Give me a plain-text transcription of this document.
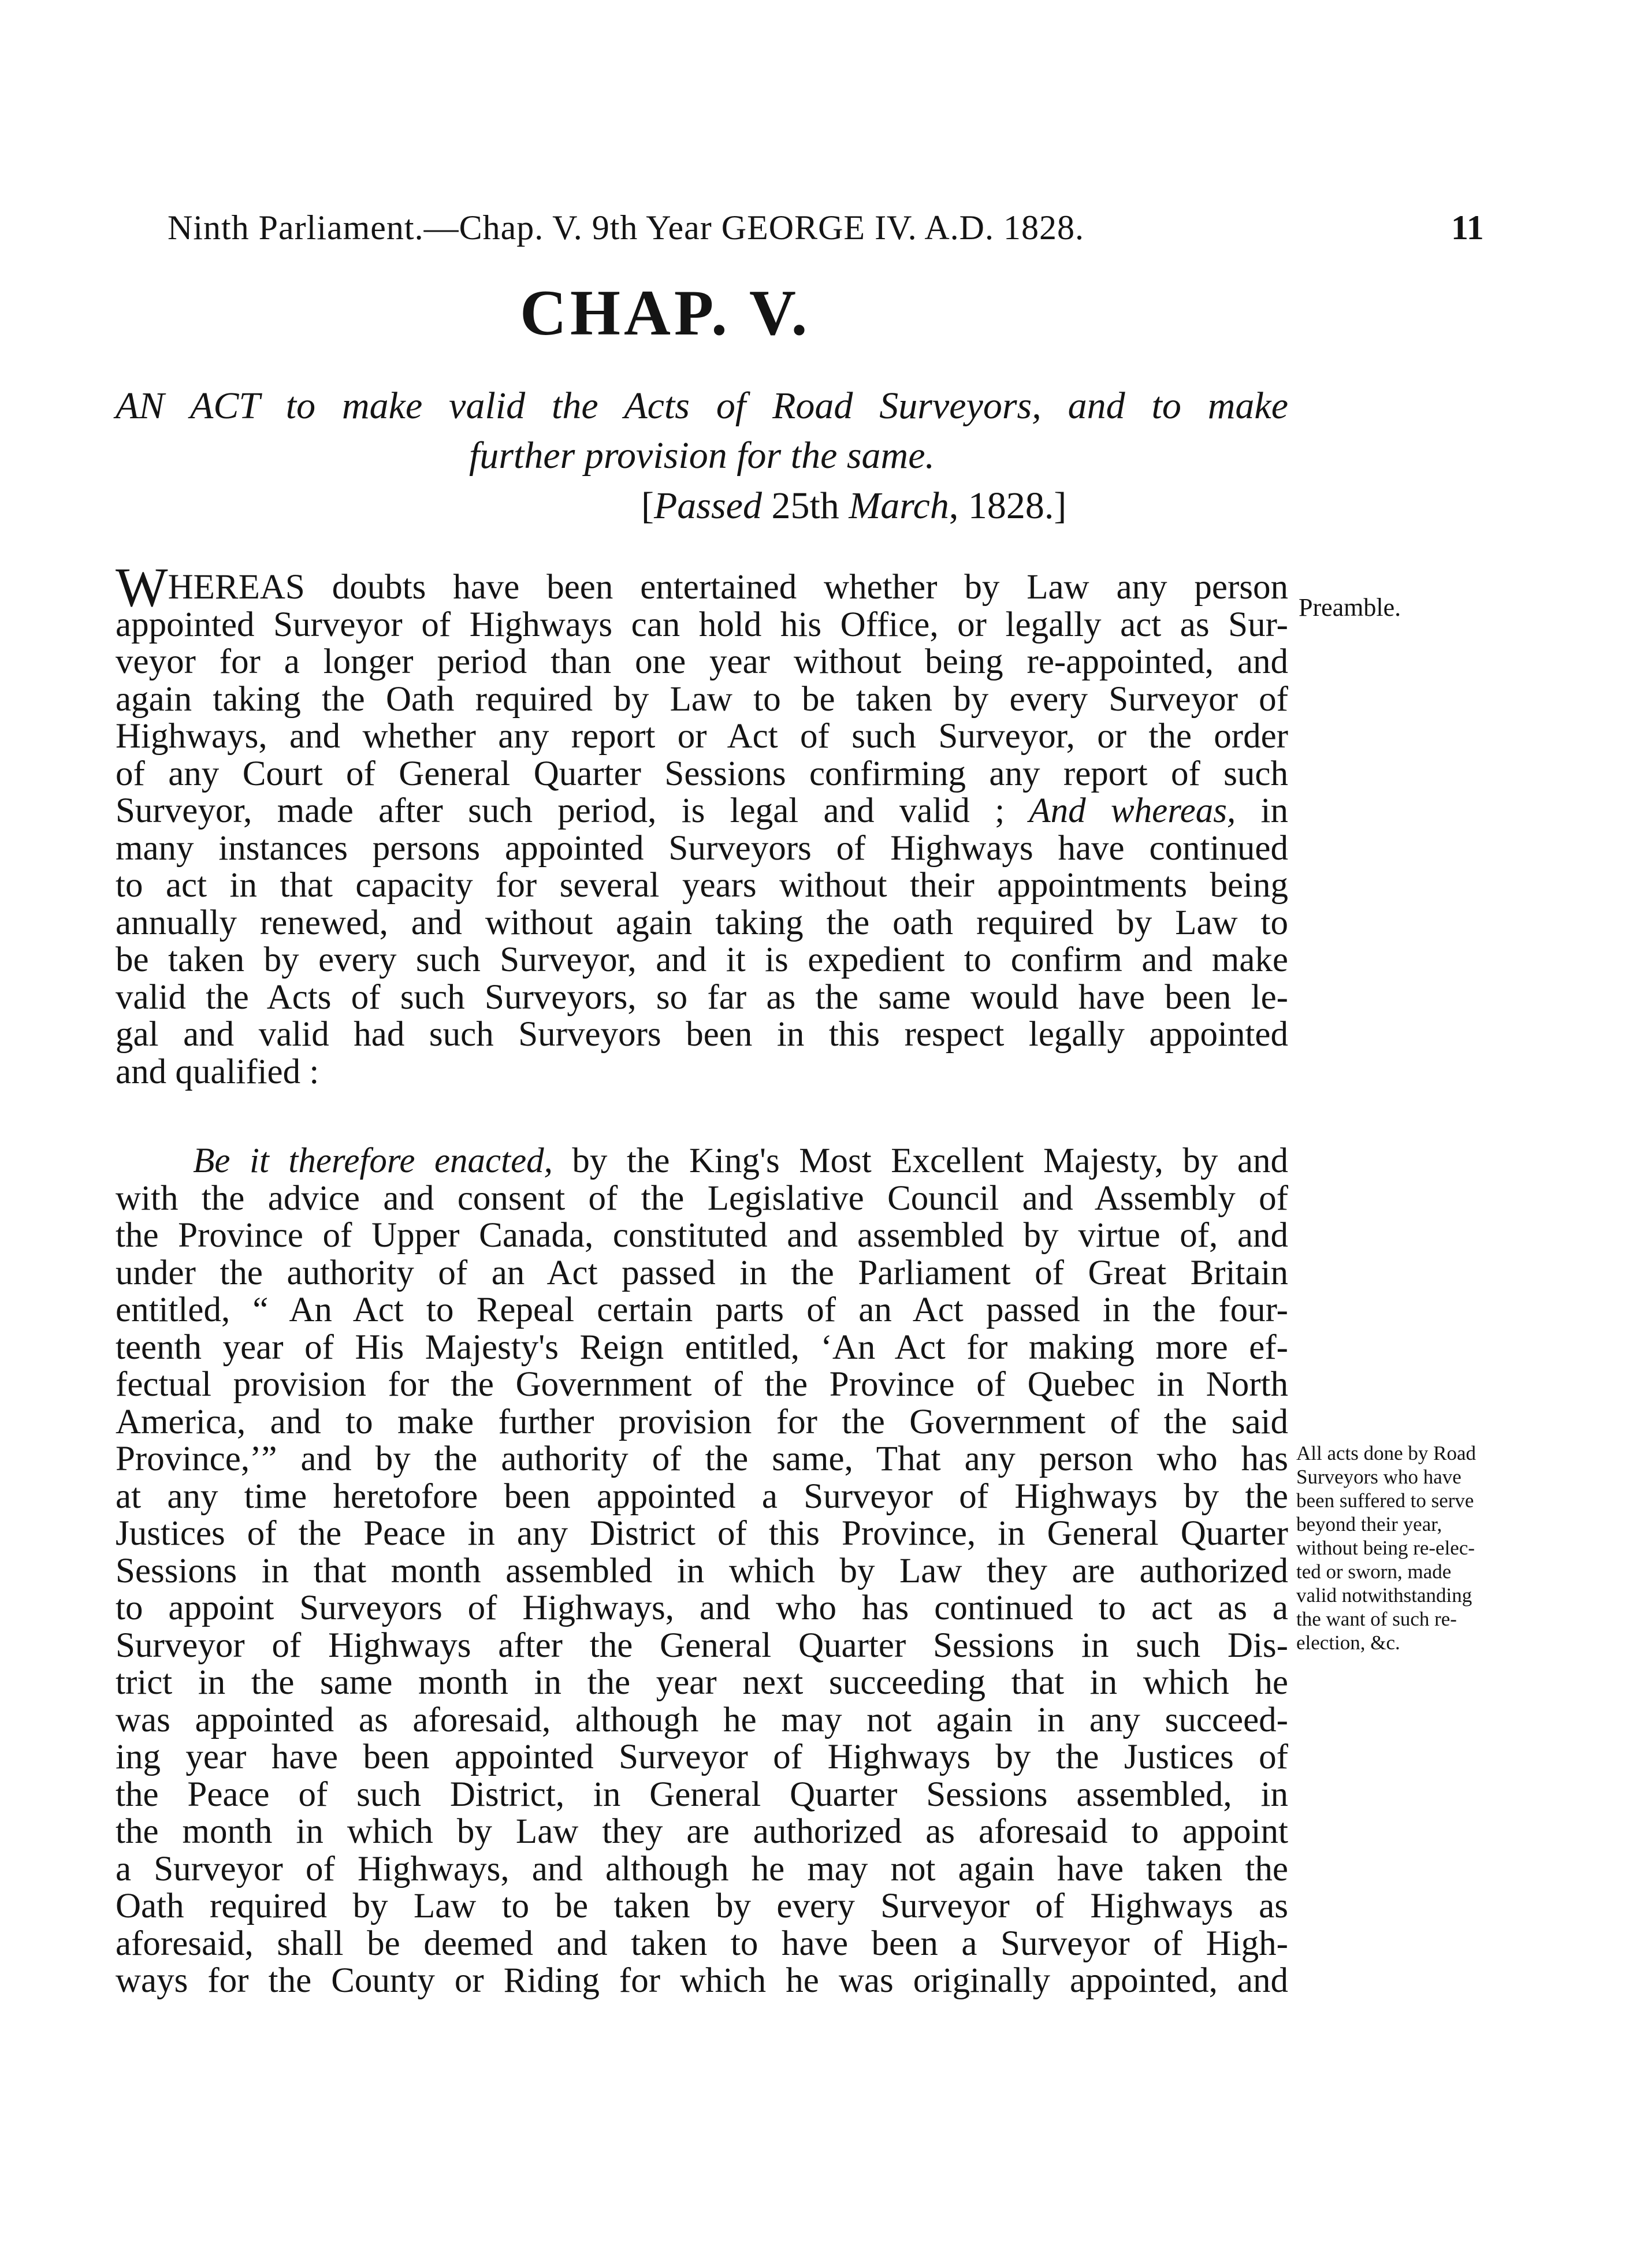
Ninth Parliament.—Chap. V. 9th Year GEORGE IV. A.D. 1828.	11
CHAP. V.
AN ACT to make valid the Acts of Road Surveyors, and to make
further provision for the same.
[Passed 25th March, 1828.]
WHEREAS doubts have been entertained whether by Law any person
appointed Surveyor of Highways can hold his Office, or legally act as Sur-
veyor for a longer period than one year without being re-appointed, and
again taking the Oath required by Law to be taken by every Surveyor of
Highways, and whether any report or Act of such Surveyor, or the order
of any Court of General Quarter Sessions confirming any report of such
Surveyor, made after such period, is legal and valid ; And whereas, in
many instances persons appointed Surveyors of Highways have continued
to act in that capacity for several years without their appointments being
annually renewed, and without again taking the oath required by Law to
be taken by every such Surveyor, and it is expedient to confirm and make
valid the Acts of such Surveyors, so far as the same would have been le-
gal and valid had such Surveyors been in this respect legally appointed
and qualified :
Be it therefore enacted, by the King's Most Excellent Majesty, by and
with the advice and consent of the Legislative Council and Assembly of
the Province of Upper Canada, constituted and assembled by virtue of, and
under the authority of an Act passed in the Parliament of Great Britain
entitled, “ An Act to Repeal certain parts of an Act passed in the four-
teenth year of His Majesty's Reign entitled, ‘An Act for making more ef-
fectual provision for the Government of the Province of Quebec in North
America, and to make further provision for the Government of the said
Province,’” and by the authority of the same, That any person who has
at any time heretofore been appointed a Surveyor of Highways by the
Justices of the Peace in any District of this Province, in General Quarter
Sessions in that month assembled in which by Law they are authorized
to appoint Surveyors of Highways, and who has continued to act as a
Surveyor of Highways after the General Quarter Sessions in such Dis-
trict in the same month in the year next succeeding that in which he
was appointed as aforesaid, although he may not again in any succeed-
ing year have been appointed Surveyor of Highways by the Justices of
the Peace of such District, in General Quarter Sessions assembled, in
the month in which by Law they are authorized as aforesaid to appoint
a Surveyor of Highways, and although he may not again have taken the
Oath required by Law to be taken by every Surveyor of Highways as
aforesaid, shall be deemed and taken to have been a Surveyor of High-
ways for the County or Riding for which he was originally appointed, and
Preamble.
All acts done by Road
Surveyors who have
been suffered to serve
beyond their year,
without being re-elec-
ted or sworn, made
valid notwithstanding
the want of such re-
election, &c.
